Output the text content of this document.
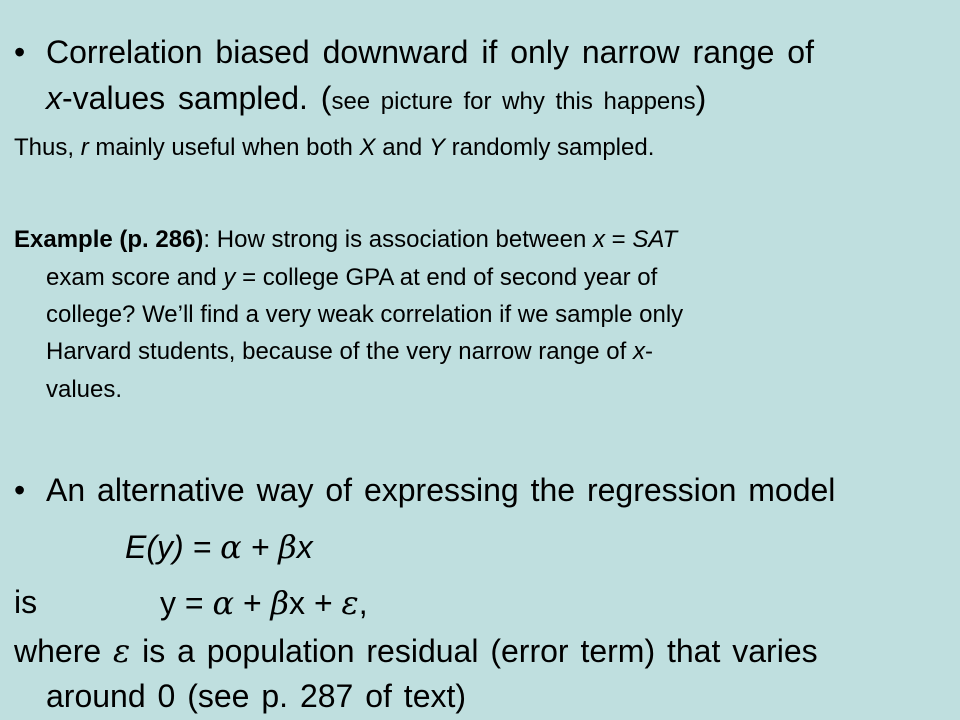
• Correlation biased downward if only narrow range of
x-values sampled. (see picture for why this happens)
Thus, r mainly useful when both X and Y randomly sampled.
Example (p. 286): How strong is association between x = SAT
exam score and y = college GPA at end of second year of
college? We’ll find a very weak correlation if we sample only
Harvard students, because of the very narrow range of x-
values.
• An alternative way of expressing the regression model
E(y) = α + βx
is	y = α + βx + ε,
where ε is a population residual (error term) that varies
around 0 (see p. 287 of text)
